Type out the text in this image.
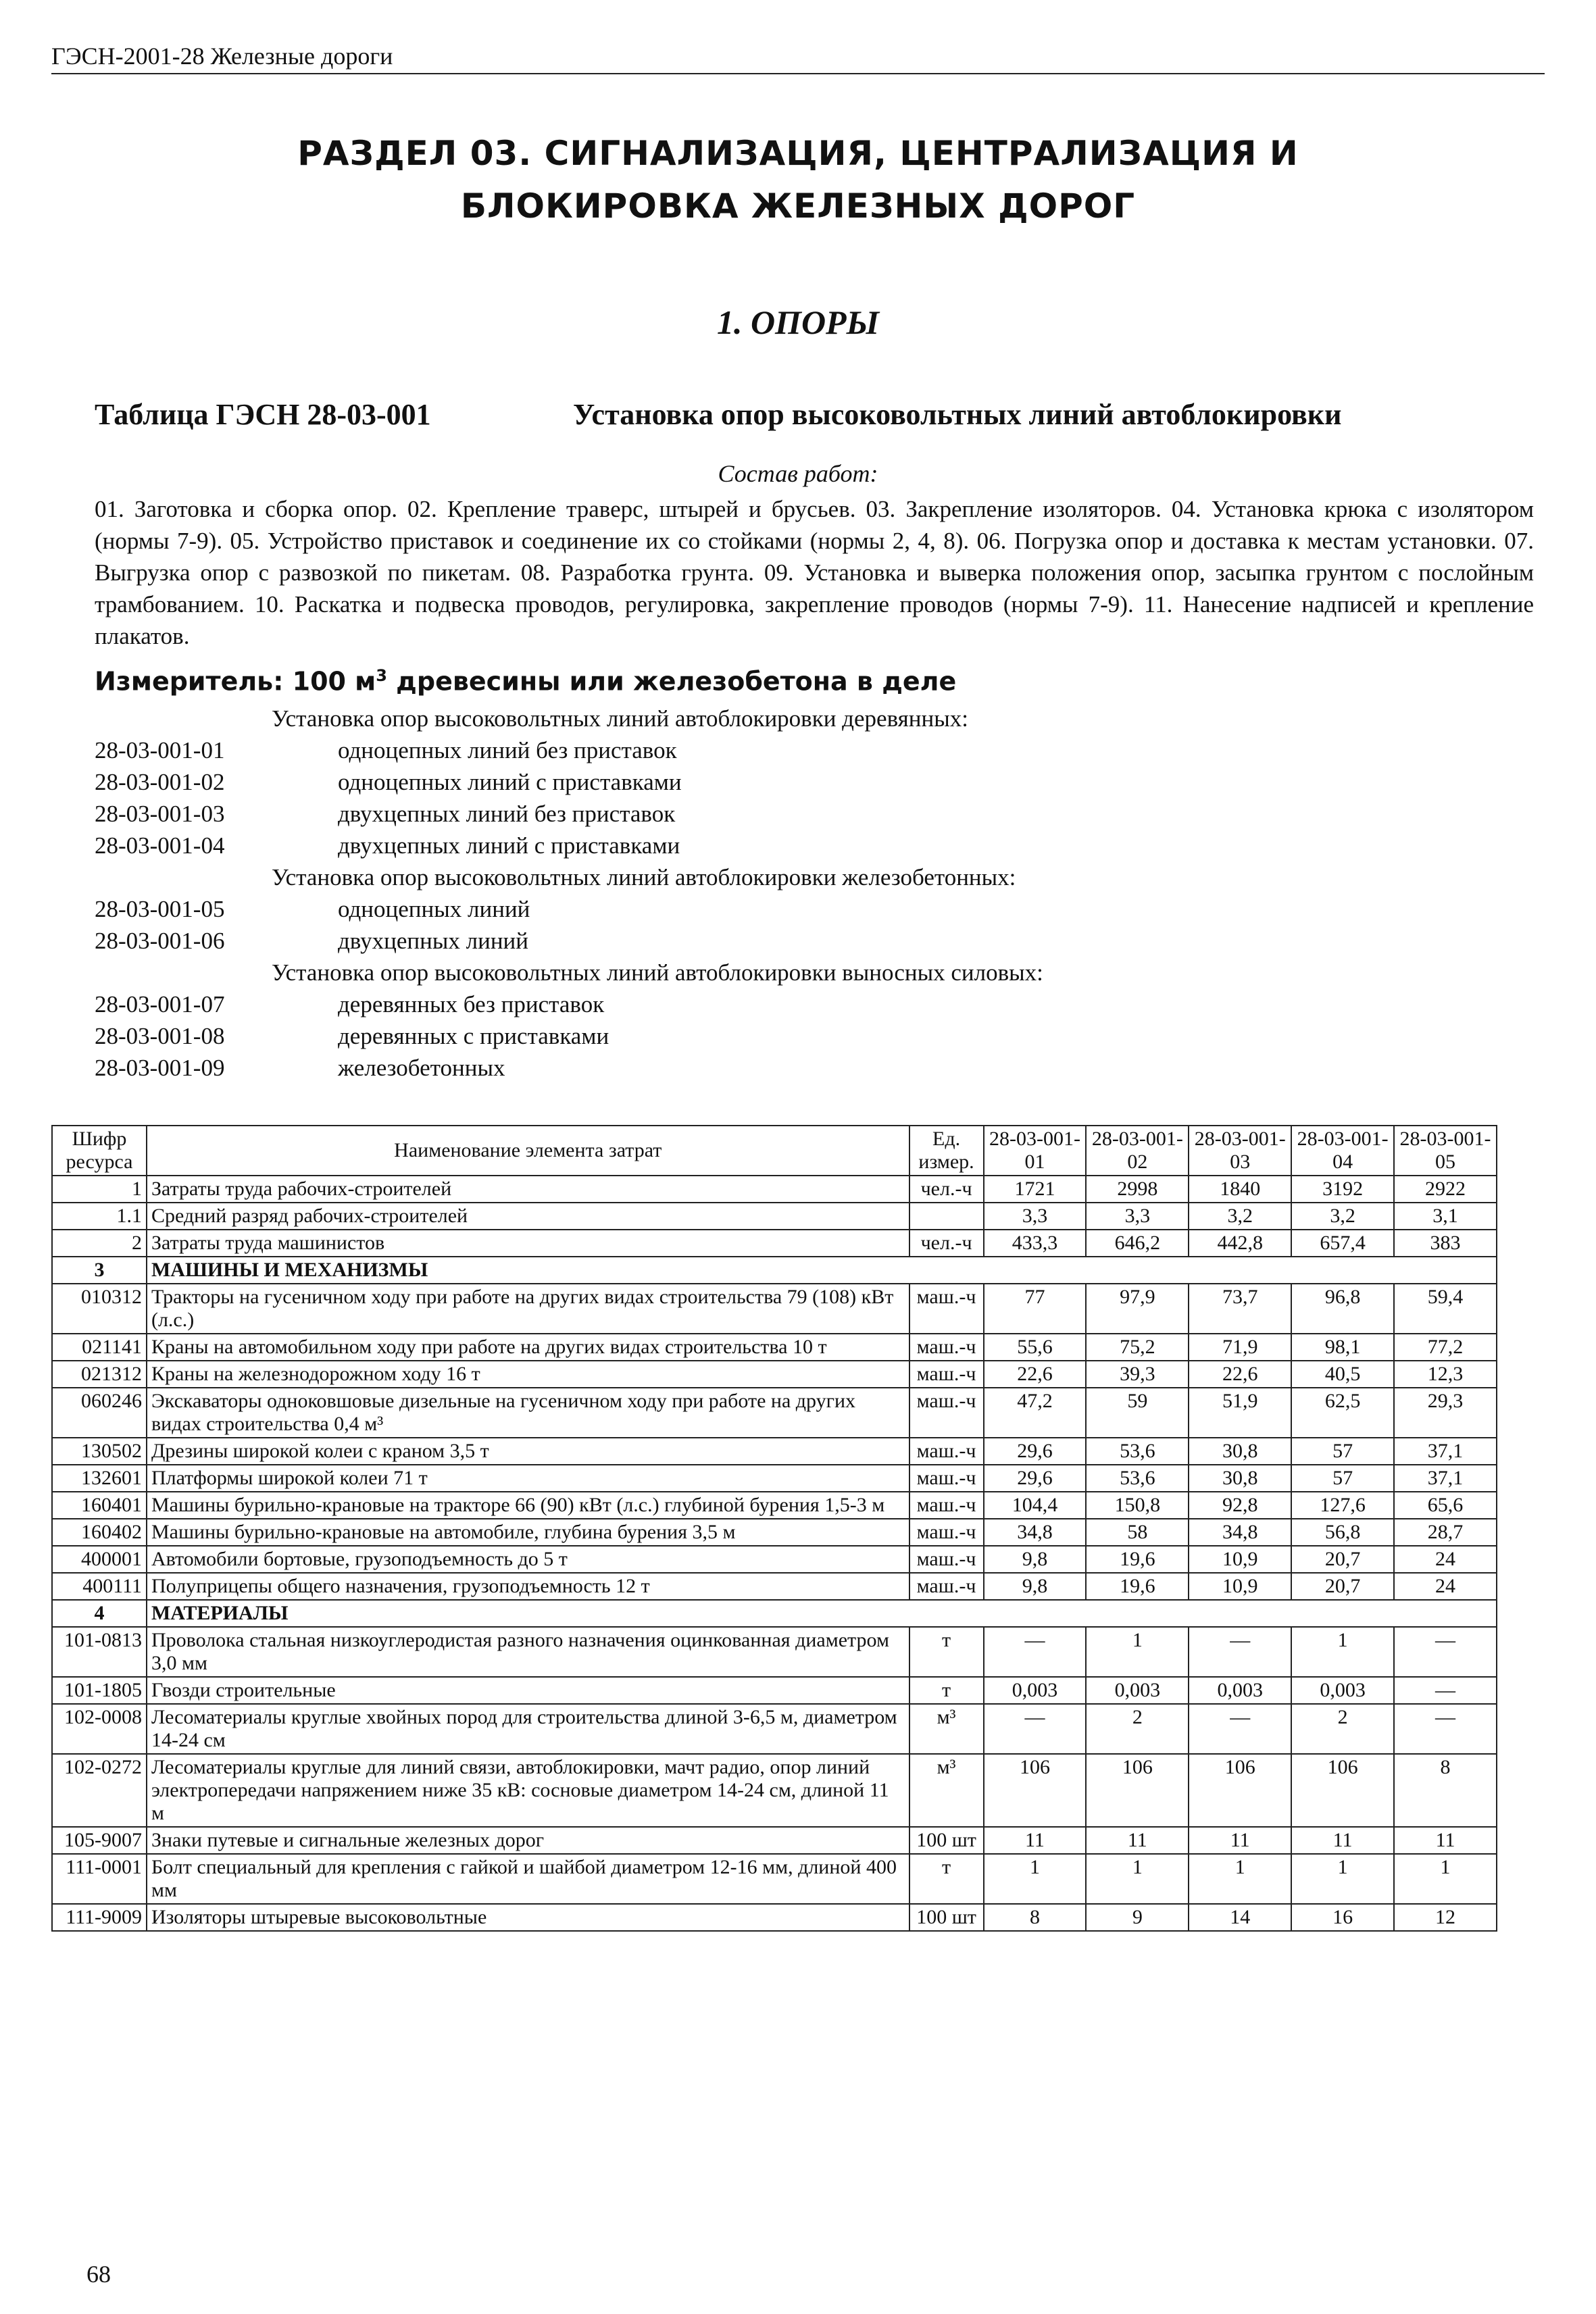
ГЭСН-2001-28 Железные дороги
РАЗДЕЛ 03. СИГНАЛИЗАЦИЯ, ЦЕНТРАЛИЗАЦИЯ И
БЛОКИРОВКА ЖЕЛЕЗНЫХ ДОРОГ
1. ОПОРЫ
Таблица ГЭСН 28-03-001	Установка опор высоковольтных линий автоблокировки
Состав работ:
01. Заготовка и сборка опор. 02. Крепление траверс, штырей и брусьев. 03. Закрепление изоляторов. 04. Установка крюка с изолятором (нормы 7-9). 05. Устройство приставок и соединение их со стойками (нормы 2, 4, 8). 06. Погрузка опор и доставка к местам установки. 07. Выгрузка опор с развозкой по пикетам. 08. Разработка грунта. 09. Установка и выверка положения опор, засыпка грунтом с послойным трамбованием. 10. Раскатка и подвеска проводов, регулировка, закрепление проводов (нормы 7-9). 11. Нанесение надписей и крепление плакатов.
Измеритель: 100 $м^3$ древесины или железобетона в деле
Установка опор высоковольтных линий автоблокировки деревянных:
28-03-001-01	одноцепных линий без приставок
28-03-001-02	одноцепных линий с приставками
28-03-001-03	двухцепных линий без приставок
28-03-001-04	двухцепных линий с приставками
Установка опор высоковольтных линий автоблокировки железобетонных:
28-03-001-05	одноцепных линий
28-03-001-06	двухцепных линий
Установка опор высоковольтных линий автоблокировки выносных силовых:
28-03-001-07	деревянных без приставок
28-03-001-08	деревянных с приставками
28-03-001-09	железобетонных
Шифр ресурса	Наименование элемента затрат	Ед. измер.	28-03-001-01	28-03-001-02	28-03-001-03	28-03-001-04	28-03-001-05
1	Затраты труда рабочих-строителей	чел.-ч	1721	2998	1840	3192	2922
1.1	Средний разряд рабочих-строителей		3,3	3,3	3,2	3,2	3,1
2	Затраты труда машинистов	чел.-ч	433,3	646,2	442,8	657,4	383
3	МАШИНЫ И МЕХАНИЗМЫ						
010312	Тракторы на гусеничном ходу при работе на других видах строительства 79 (108) кВт (л.с.)	маш.-ч	77	97,9	73,7	96,8	59,4
021141	Краны на автомобильном ходу при работе на других видах строительства 10 т	маш.-ч	55,6	75,2	71,9	98,1	77,2
021312	Краны на железнодорожном ходу 16 т	маш.-ч	22,6	39,3	22,6	40,5	12,3
060246	Экскаваторы одноковшовые дизельные на гусеничном ходу при работе на других видах строительства 0,4 м³	маш.-ч	47,2	59	51,9	62,5	29,3
130502	Дрезины широкой колеи с краном 3,5 т	маш.-ч	29,6	53,6	30,8	57	37,1
132601	Платформы широкой колеи 71 т	маш.-ч	29,6	53,6	30,8	57	37,1
160401	Машины бурильно-крановые на тракторе 66 (90) кВт (л.с.) глубиной бурения 1,5-3 м	маш.-ч	104,4	150,8	92,8	127,6	65,6
160402	Машины бурильно-крановые на автомобиле, глубина бурения 3,5 м	маш.-ч	34,8	58	34,8	56,8	28,7
400001	Автомобили бортовые, грузоподъемность до 5 т	маш.-ч	9,8	19,6	10,9	20,7	24
400111	Полуприцепы общего назначения, грузоподъемность 12 т	маш.-ч	9,8	19,6	10,9	20,7	24
4	МАТЕРИАЛЫ						
101-0813	Проволока стальная низкоуглеродистая разного назначения оцинкованная диаметром 3,0 мм	т	—	1	—	1	—
101-1805	Гвозди строительные	т	0,003	0,003	0,003	0,003	—
102-0008	Лесоматериалы круглые хвойных пород для строительства длиной 3-6,5 м, диаметром 14-24 см	м³	—	2	—	2	—
102-0272	Лесоматериалы круглые для линий связи, автоблокировки, мачт радио, опор линий электропередачи напряжением ниже 35 кВ: сосновые диаметром 14-24 см, длиной 11 м	м³	106	106	106	106	8
105-9007	Знаки путевые и сигнальные железных дорог	100 шт	11	11	11	11	11
111-0001	Болт специальный для крепления с гайкой и шайбой диаметром 12-16 мм, длиной 400 мм	т	1	1	1	1	1
111-9009	Изоляторы штыревые высоковольтные	100 шт	8	9	14	16	12
68
